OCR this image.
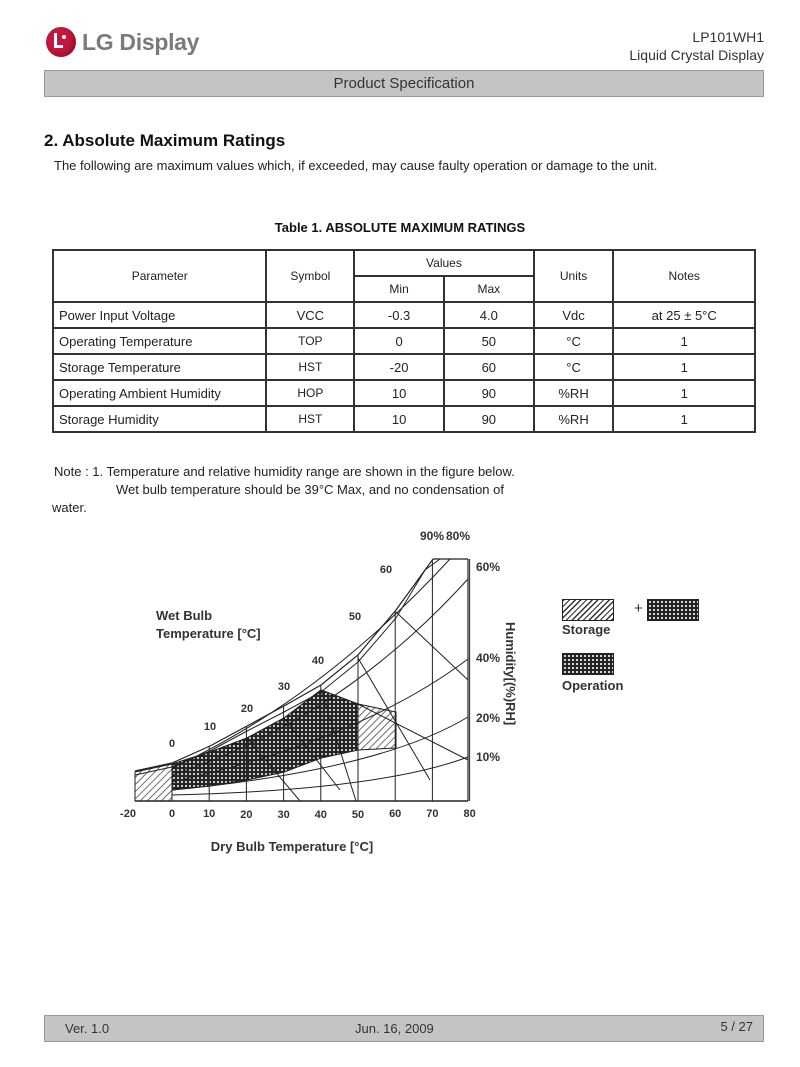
LG Display	LP101WH1
Liquid Crystal Display
Product Specification
2. Absolute Maximum Ratings
The following are maximum values which, if exceeded, may cause faulty operation or damage to the unit.
Table 1. ABSOLUTE MAXIMUM RATINGS
Parameter	Symbol	Values		Units	Notes
		Min	Max		
Power Input Voltage	VCC	-0.3	4.0	Vdc	at 25 ± 5°C
Operating Temperature	TOP	0	50	°C	1
Storage Temperature	HST	-20	60	°C	1
Operating Ambient Humidity	HOP	10	90	%RH	1
Storage Humidity	HST	10	90	%RH	1
Note : 1. Temperature and relative humidity range are shown in the figure below.
Wet bulb temperature should be 39°C Max, and no condensation of
water.
-20	0	10 20 30 40 50 60 70 80
0
10
20
30
40
50
60
90% 80%
60%
40%
20%
10%
Wet Bulb
Temperature [°C]
Dry Bulb Temperature [°C]
Humidity[(%)RH]
+
Storage
Operation
Ver. 1.0	Jun. 16, 2009	5 / 27
